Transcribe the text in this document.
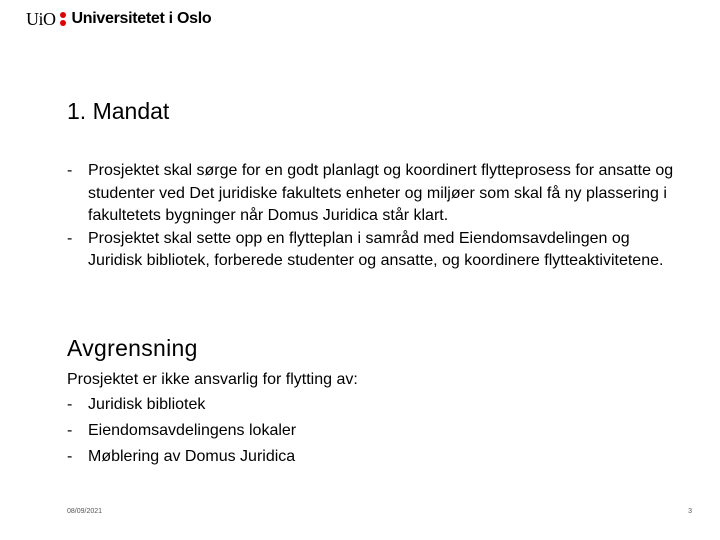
UiO Universitetet i Oslo
1. Mandat
- Prosjektet skal sørge for en godt planlagt og koordinert flytteprosess for ansatte og studenter ved Det juridiske fakultets enheter og miljøer som skal få ny plassering i fakultetets bygninger når Domus Juridica står klart.
- Prosjektet skal sette opp en flytteplan i samråd med Eiendomsavdelingen og Juridisk bibliotek, forberede studenter og ansatte, og koordinere flytteaktivitetene.
Avgrensning
Prosjektet er ikke ansvarlig for flytting av:
- Juridisk bibliotek
- Eiendomsavdelingens lokaler
- Møblering av Domus Juridica
08/09/2021	3
